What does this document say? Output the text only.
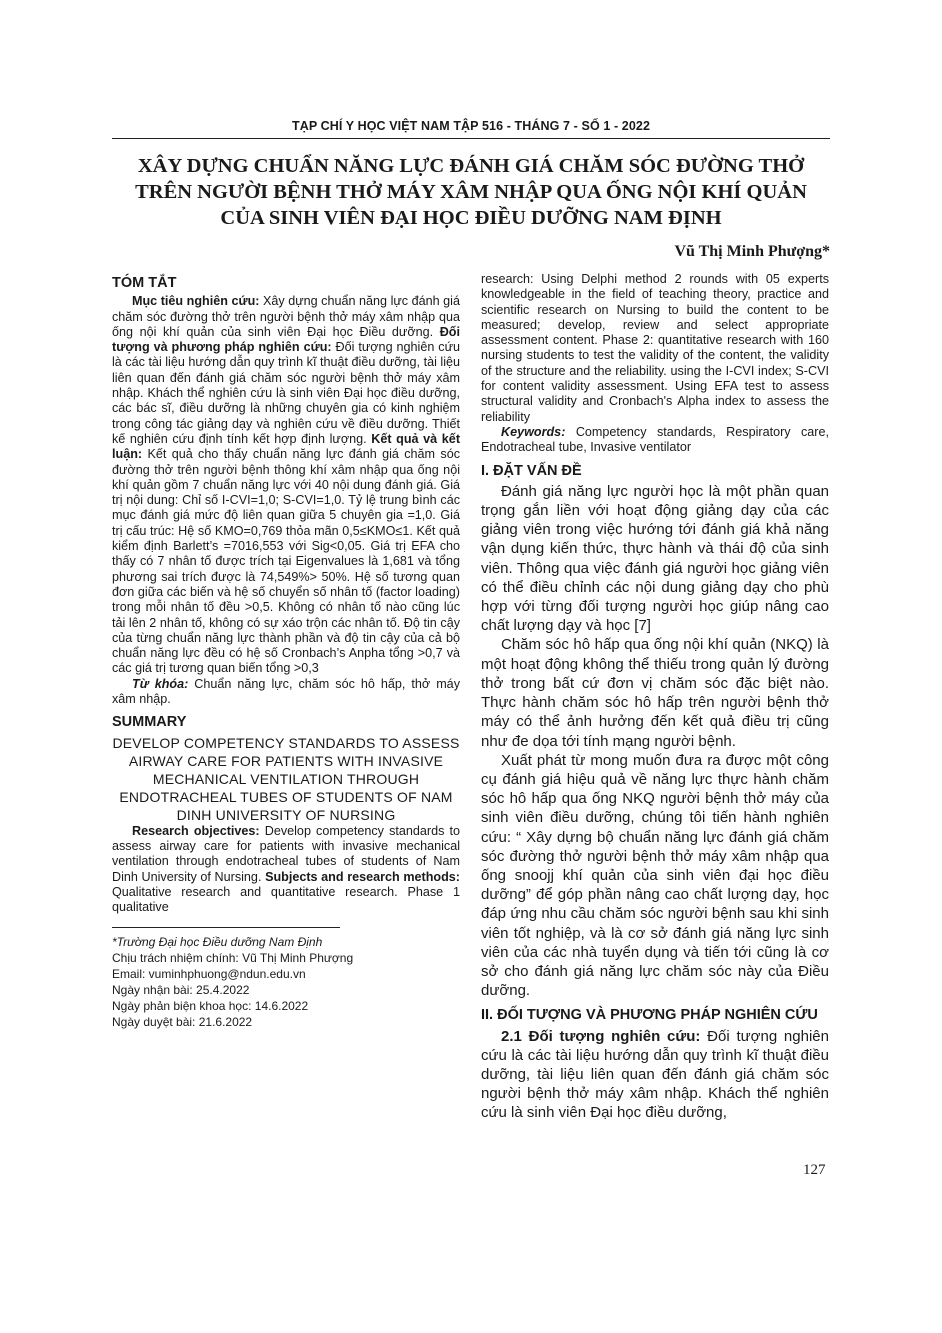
TẠP CHÍ Y HỌC VIỆT NAM TẬP 516 - THÁNG 7 - SỐ 1 - 2022
XÂY DỰNG CHUẨN NĂNG LỰC ĐÁNH GIÁ CHĂM SÓC ĐƯỜNG THỞ
TRÊN NGƯỜI BỆNH THỞ MÁY XÂM NHẬP QUA ỐNG NỘI KHÍ QUẢN
CỦA SINH VIÊN ĐẠI HỌC ĐIỀU DƯỠNG NAM ĐỊNH
Vũ Thị Minh Phượng*

TÓM TẮT

Mục tiêu nghiên cứu: Xây dựng chuẩn năng lực đánh giá chăm sóc đường thở trên người bệnh thở máy xâm nhập qua ống nội khí quản của sinh viên Đại học Điều dưỡng. Đối tượng và phương pháp nghiên cứu: Đối tượng nghiên cứu là các tài liệu hướng dẫn quy trình kĩ thuật điều dưỡng, tài liệu liên quan đến đánh giá chăm sóc người bệnh thở máy xâm nhập. Khách thể nghiên cứu là sinh viên Đại học điều dưỡng, các bác sĩ, điều dưỡng là những chuyên gia có kinh nghiệm trong công tác giảng dạy và nghiên cứu về điều dưỡng. Thiết kế nghiên cứu định tính kết hợp định lượng. Kết quả và kết luận: Kết quả cho thấy chuẩn năng lực đánh giá chăm sóc đường thở trên người bệnh thông khí xâm nhập qua ống nội khí quản gồm 7 chuẩn năng lực với 40 nội dung đánh giá. Giá trị nội dung: Chỉ số I-CVI=1,0; S-CVI=1,0. Tỷ lệ trung bình các mục đánh giá mức độ liên quan giữa 5 chuyên gia =1,0. Giá trị cấu trúc: Hệ số KMO=0,769 thỏa mãn 0,5≤KMO≤1. Kết quả kiểm định Barlett’s =7016,553 với Sig<0,05. Giá trị EFA cho thấy có 7 nhân tố được trích tại Eigenvalues là 1,681 và tổng phương sai trích được là 74,549%> 50%. Hệ số tương quan đơn giữa các biến và hệ số chuyển số nhân tố (factor loading) trong mỗi nhân tố đều >0,5. Không có nhân tố nào cũng lúc tải lên 2 nhân tố, không có sự xáo trộn các nhân tố. Độ tin cậy của từng chuẩn năng lực thành phần và độ tin cậy của cả bộ chuẩn năng lực đều có hệ số Cronbach’s Anpha tổng >0,7 và các giá trị tương quan biến tổng >0,3

Từ khóa: Chuẩn năng lực, chăm sóc hô hấp, thở máy xâm nhập.

SUMMARY

DEVELOP COMPETENCY STANDARDS TO ASSESS AIRWAY CARE FOR PATIENTS WITH INVASIVE MECHANICAL VENTILATION THROUGH ENDOTRACHEAL TUBES OF STUDENTS OF NAM DINH UNIVERSITY OF NURSING

Research objectives: Develop competency standards to assess airway care for patients with invasive mechanical ventilation through endotracheal tubes of students of Nam Dinh University of Nursing. Subjects and research methods: Qualitative research and quantitative research. Phase 1 qualitative

*Trường Đại học Điều dưỡng Nam Định
Chịu trách nhiệm chính: Vũ Thị Minh Phượng
Email: vuminhphuong@ndun.edu.vn
Ngày nhận bài: 25.4.2022
Ngày phản biện khoa học: 14.6.2022
Ngày duyệt bài: 21.6.2022

research: Using Delphi method 2 rounds with 05 experts knowledgeable in the field of teaching theory, practice and scientific research on Nursing to build the content to be measured; develop, review and select appropriate assessment content. Phase 2: quantitative research with 160 nursing students to test the validity of the content, the validity of the structure and the reliability. using the I-CVI index; S-CVI for content validity assessment. Using EFA test to assess structural validity and Cronbach's Alpha index to assess the reliability

Keywords: Competency standards, Respiratory care, Endotracheal tube, Invasive ventilator

I. ĐẶT VẤN ĐỀ

Đánh giá năng lực người học là một phần quan trọng gắn liền với hoạt động giảng dạy của các giảng viên trong việc hướng tới đánh giá khả năng vận dụng kiến thức, thực hành và thái độ của sinh viên. Thông qua việc đánh giá người học giảng viên có thể điều chỉnh các nội dung giảng dạy cho phù hợp với từng đối tượng người học giúp nâng cao chất lượng dạy và học [7]

Chăm sóc hô hấp qua ống nội khí quản (NKQ) là một hoạt động không thể thiếu trong quản lý đường thở trong bất cứ đơn vị chăm sóc đặc biệt nào. Thực hành chăm sóc hô hấp trên người bệnh thở máy có thể ảnh hưởng đến kết quả điều trị cũng như đe dọa tới tính mạng người bệnh.

Xuất phát từ mong muốn đưa ra được một công cụ đánh giá hiệu quả về năng lực thực hành chăm sóc hô hấp qua ống NKQ người bệnh thở máy của sinh viên điều dưỡng, chúng tôi tiến hành nghiên cứu: “ Xây dựng bộ chuẩn năng lực đánh giá chăm sóc đường thở người bệnh thở máy xâm nhập qua ống snoojj khí quản của sinh viên đại học điều dưỡng” để góp phần nâng cao chất lượng dạy, học đáp ứng nhu cầu chăm sóc người bệnh sau khi sinh viên tốt nghiệp, và là cơ sở đánh giá năng lực sinh viên của các nhà tuyển dụng và tiến tới cũng là cơ sở cho đánh giá năng lực chăm sóc này của Điều dưỡng.

II. ĐỐI TƯỢNG VÀ PHƯƠNG PHÁP NGHIÊN CỨU

2.1 Đối tượng nghiên cứu: Đối tượng nghiên cứu là các tài liệu hướng dẫn quy trình kĩ thuật điều dưỡng, tài liệu liên quan đến đánh giá chăm sóc người bệnh thở máy xâm nhập. Khách thể nghiên cứu là sinh viên Đại học điều dưỡng,

127
